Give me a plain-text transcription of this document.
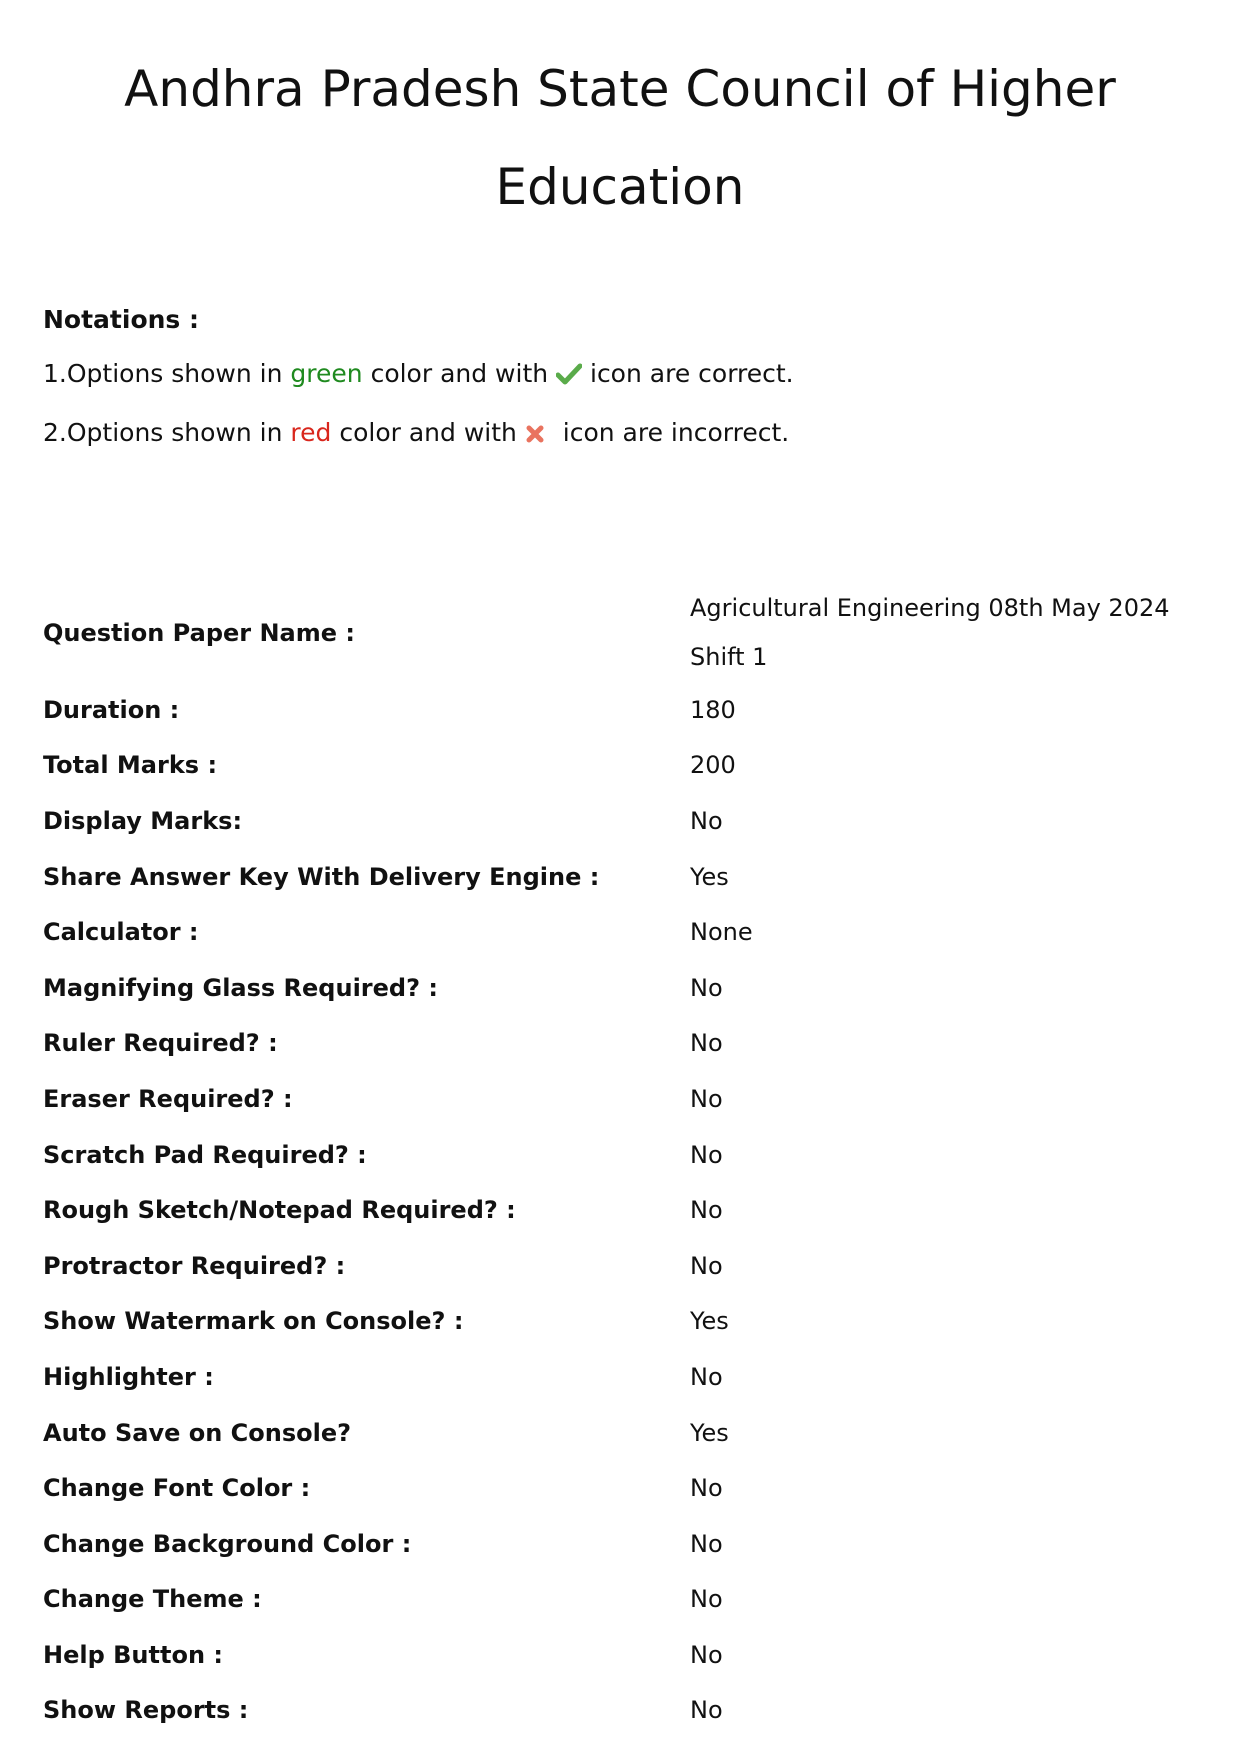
Andhra Pradesh State Council of Higher Education
Notations :
1.Options shown in green color and with  icon are correct.
2.Options shown in red color and with  icon are incorrect.
Question Paper Name :	Agricultural Engineering 08th May 2024 Shift 1
Duration :	180
Total Marks :	200
Display Marks:	No
Share Answer Key With Delivery Engine :	Yes
Calculator :	None
Magnifying Glass Required? :	No
Ruler Required? :	No
Eraser Required? :	No
Scratch Pad Required? :	No
Rough Sketch/Notepad Required? :	No
Protractor Required? :	No
Show Watermark on Console? :	Yes
Highlighter :	No
Auto Save on Console?	Yes
Change Font Color :	No
Change Background Color :	No
Change Theme :	No
Help Button :	No
Show Reports :	No
